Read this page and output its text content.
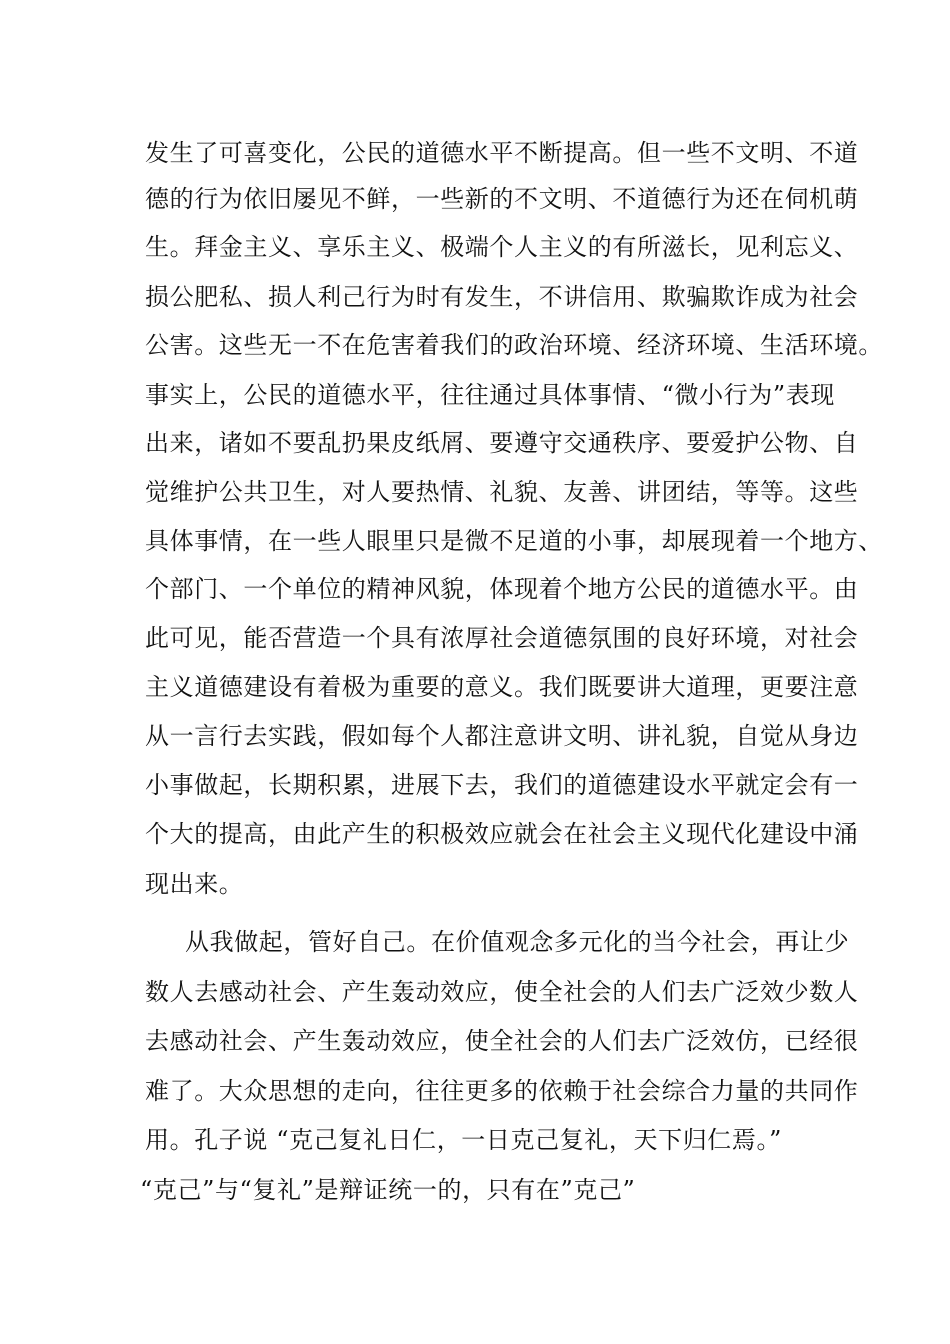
发生了可喜变化，公民的道德水平不断提高。但一些不文明、不道
德的行为依旧屡见不鲜，一些新的不文明、不道德行为还在伺机萌
生。拜金主义、享乐主义、极端个人主义的有所滋长，见利忘义、
损公肥私、损人利己行为时有发生，不讲信用、欺骗欺诈成为社会
公害。这些无一不在危害着我们的政治环境、经济环境、生活环境。
事实上，公民的道德水平，往往通过具体事情、“微小行为”表现
出来，诸如不要乱扔果皮纸屑、要遵守交通秩序、要爱护公物、自
觉维护公共卫生，对人要热情、礼貌、友善、讲团结，等等。这些
具体事情，在一些人眼里只是微不足道的小事，却展现着一个地方、
个部门、一个单位的精神风貌，体现着个地方公民的道德水平。由
此可见，能否营造一个具有浓厚社会道德氛围的良好环境，对社会
主义道德建设有着极为重要的意义。我们既要讲大道理，更要注意
从一言行去实践，假如每个人都注意讲文明、讲礼貌，自觉从身边
小事做起，长期积累，进展下去，我们的道德建设水平就定会有一
个大的提高，由此产生的积极效应就会在社会主义现代化建设中涌
现出来。
从我做起，管好自己。在价值观念多元化的当今社会，再让少
数人去感动社会、产生轰动效应，使全社会的人们去广泛效少数人
去感动社会、产生轰动效应，使全社会的人们去广泛效仿，已经很
难了。大众思想的走向，往往更多的依赖于社会综合力量的共同作
用。孔子说 “克己复礼日仁，一日克己复礼，天下归仁焉。”
“克己”与“复礼”是辩证统一的，只有在”克己”
